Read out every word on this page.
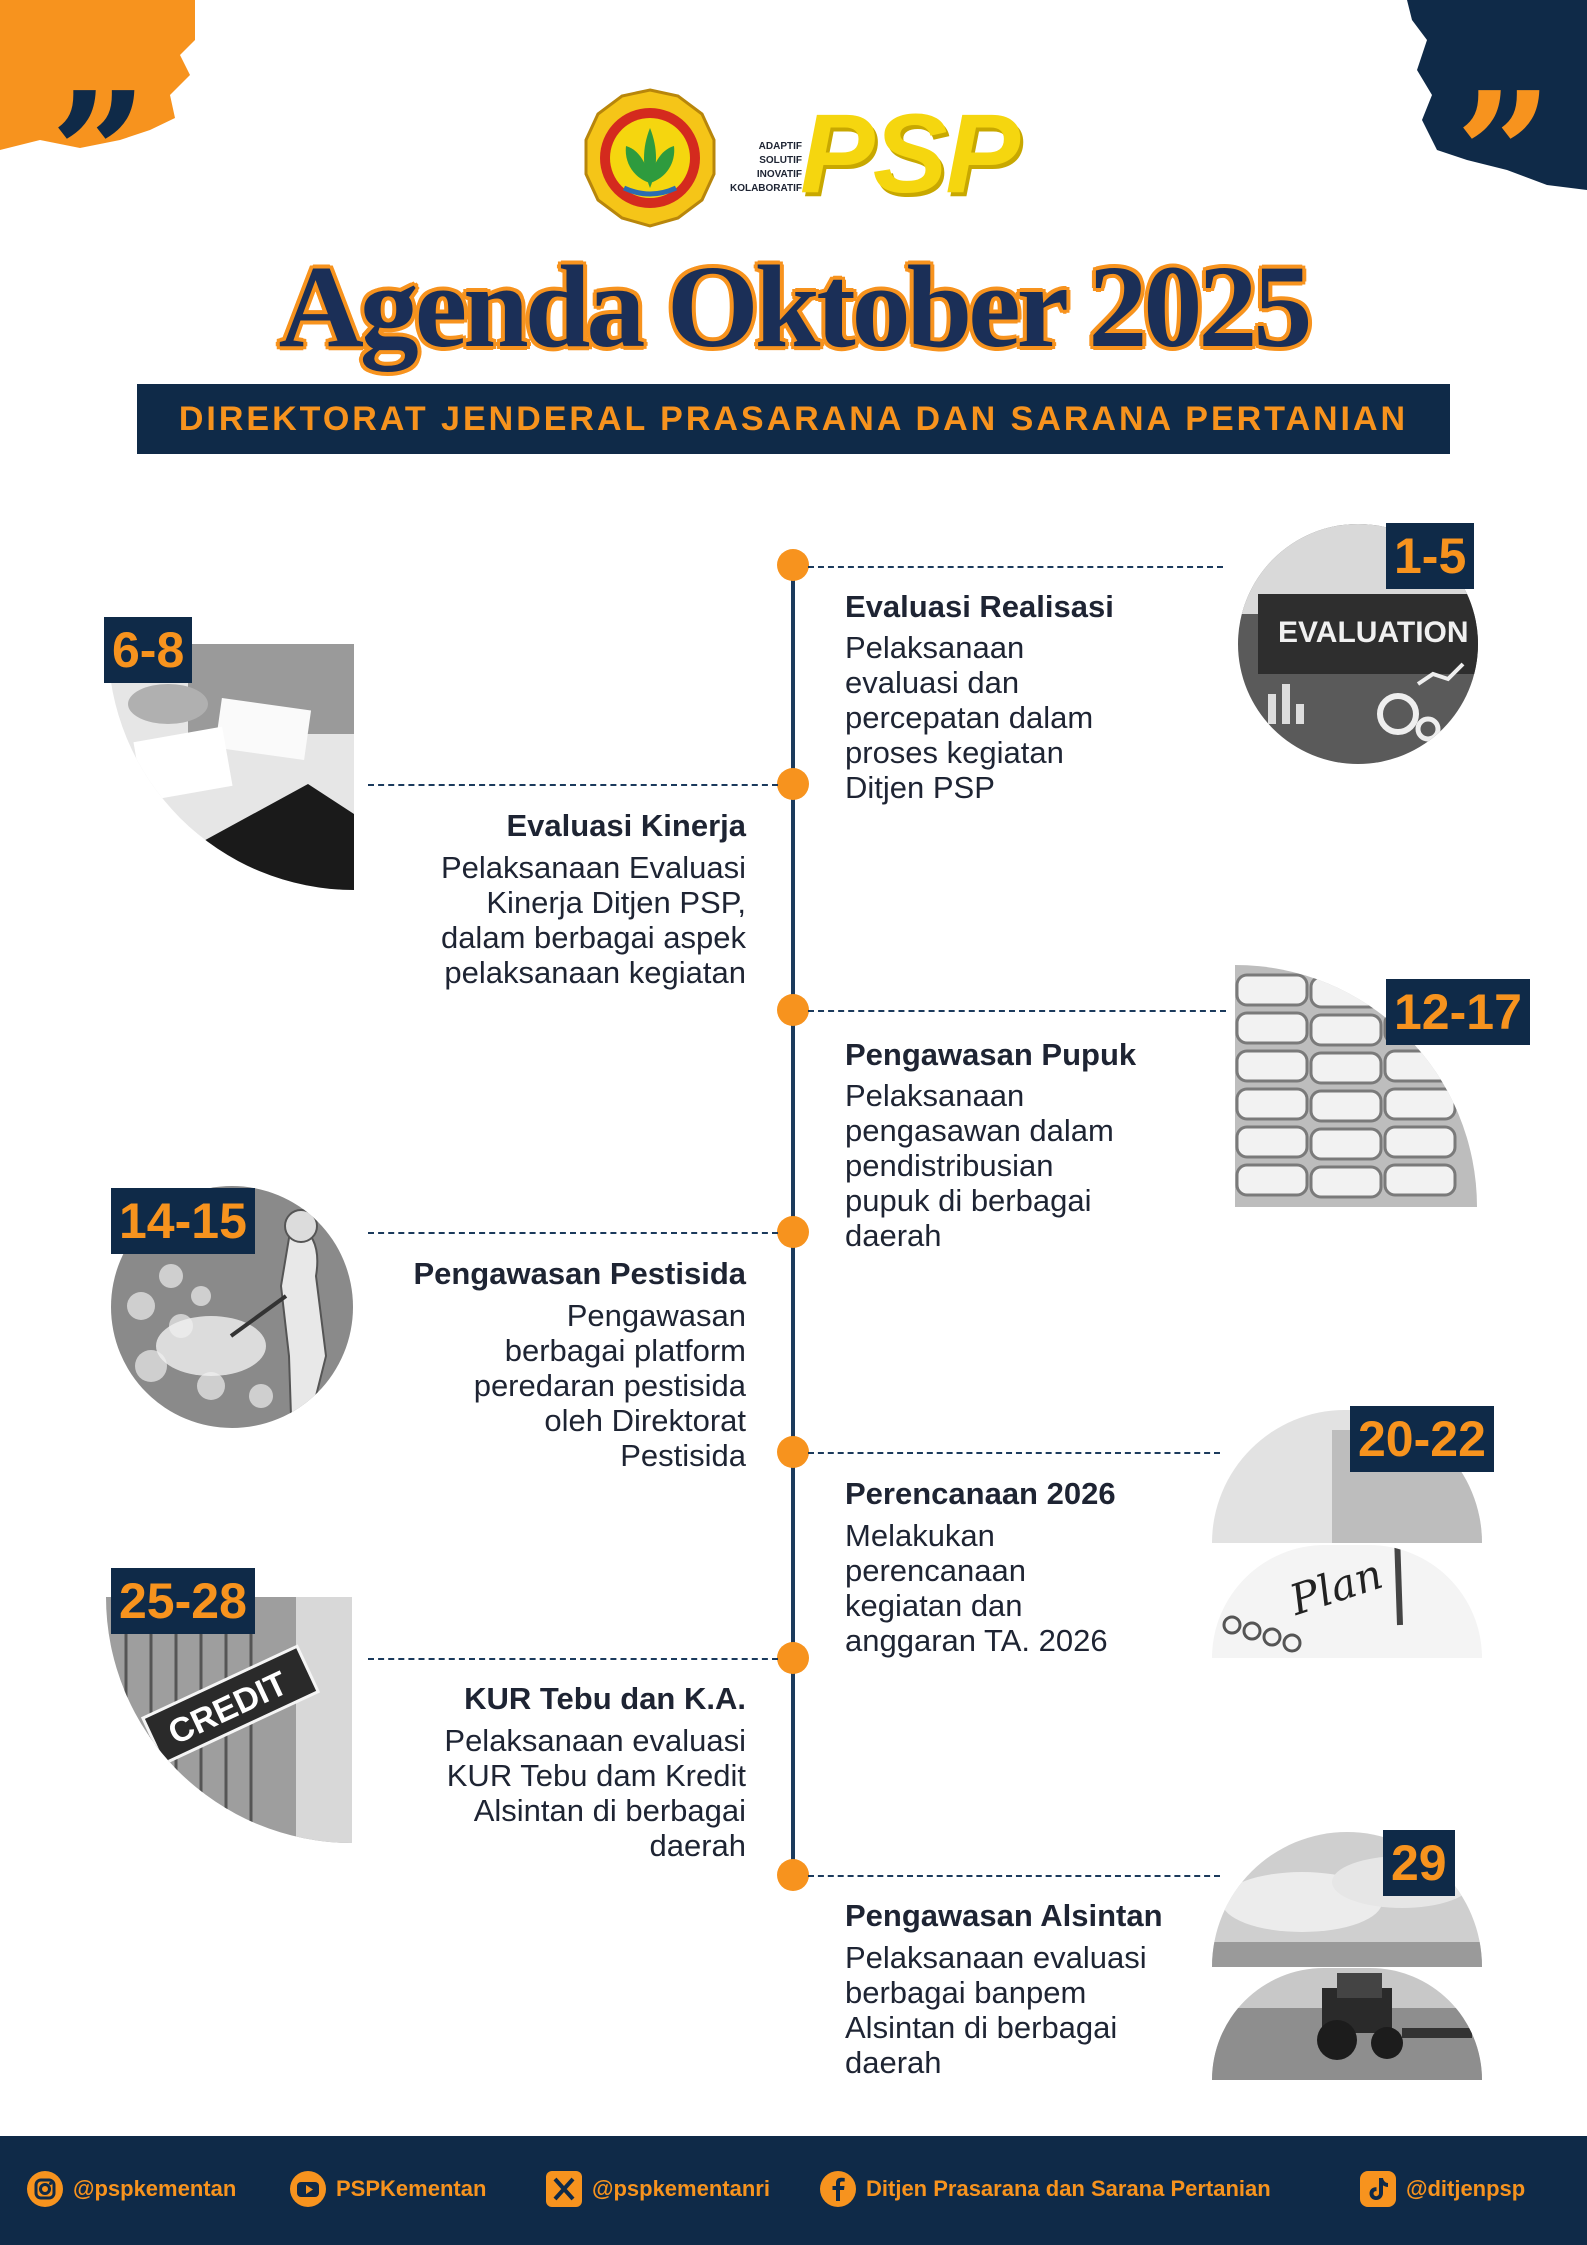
”	”
ADAPTIF
SOLUTIF
INOVATIF
KOLABORATIF
PSP
Agenda Oktober 2025
DIREKTORAT JENDERAL PRASARANA DAN SARANA PERTANIAN
EVALUATION
1-5
Evaluasi Realisasi
Pelaksanaan
evaluasi dan
percepatan dalam
proses kegiatan
Ditjen PSP
6-8
Evaluasi Kinerja
Pelaksanaan Evaluasi
Kinerja Ditjen PSP,
dalam berbagai aspek
pelaksanaan kegiatan
12-17
Pengawasan Pupuk
Pelaksanaan
pengasawan dalam
pendistribusian
pupuk di berbagai
daerah
14-15
Pengawasan Pestisida
Pengawasan
berbagai platform
peredaran pestisida
oleh Direktorat
Pestisida
Plan
20-22
Perencanaan 2026
Melakukan
perencanaan
kegiatan dan
anggaran TA. 2026
CREDIT
25-28
KUR Tebu dan K.A.
Pelaksanaan evaluasi
KUR Tebu dam Kredit
Alsintan di berbagai
daerah	29
Pengawasan Alsintan
Pelaksanaan evaluasi
berbagai banpem
Alsintan di berbagai
daerah
@pspkementan	PSPKementan	@pspkementanri	Ditjen Prasarana dan Sarana Pertanian	@ditjenpsp
